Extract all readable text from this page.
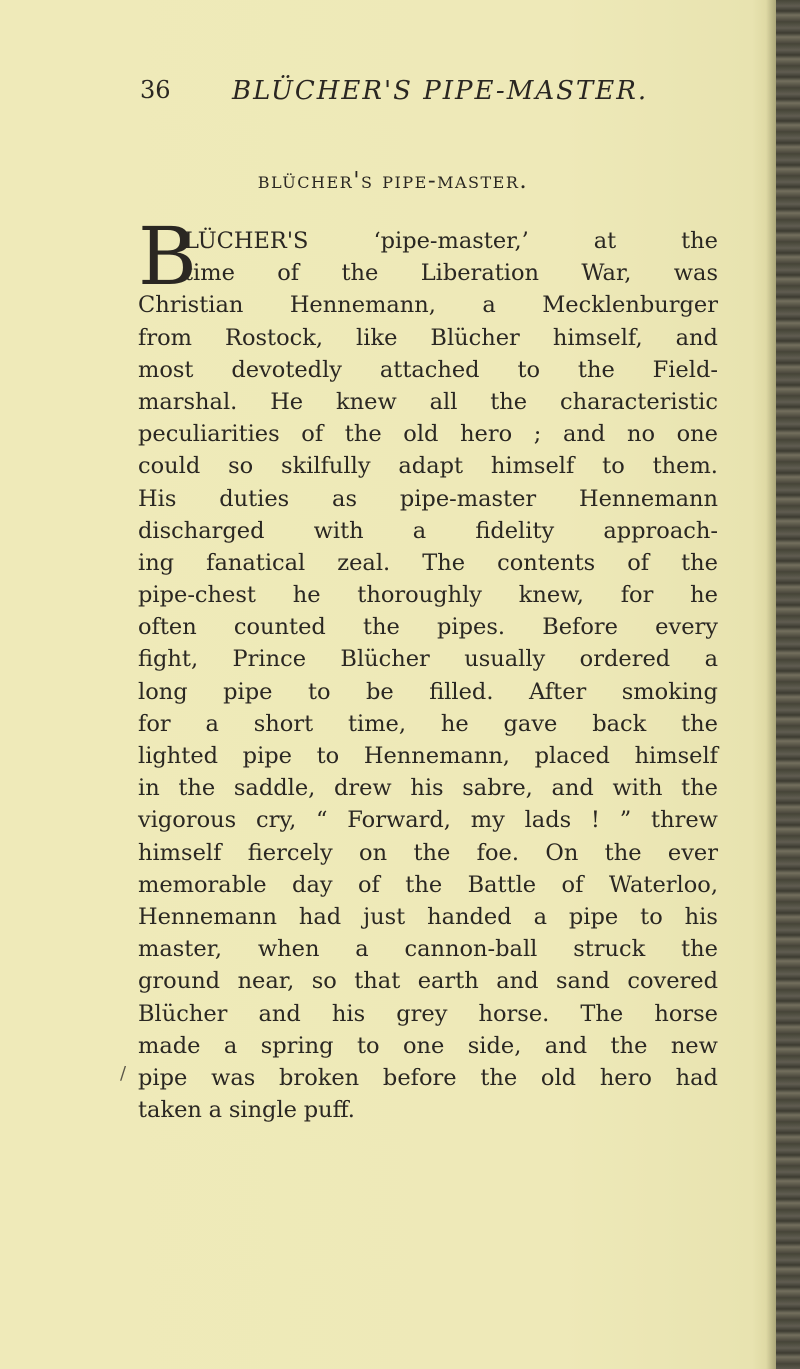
36 BLÜCHER'S PIPE-MASTER.
blücher's pipe-master.
B
LÜCHER'S	‘pipe-master,’	at	the
time of the Liberation War, was
Christian Hennemann, a Mecklenburger
from Rostock, like Blücher himself, and
most devotedly attached to the Field-
marshal. He knew all the characteristic
peculiarities of the old hero ; and no one
could so skilfully adapt himself to them.
His duties as pipe-master Hennemann
discharged with a fidelity approach-
ing fanatical zeal. The contents of the
pipe-chest he thoroughly knew, for he
often counted the pipes. Before every
fight, Prince Blücher usually ordered a
long pipe to be filled. After smoking
for a short time, he gave back the
lighted pipe to Hennemann, placed himself
in the saddle, drew his sabre, and with the
vigorous cry, “ Forward, my lads ! ” threw
himself fiercely on the foe. On the ever
memorable day of the Battle of Waterloo,
Hennemann had just handed a pipe to his
master, when a cannon-ball struck the
ground near, so that earth and sand covered
Blücher and his grey horse. The horse
made a spring to one side, and the new
pipe was broken before the old hero had
taken a single puff.
/
